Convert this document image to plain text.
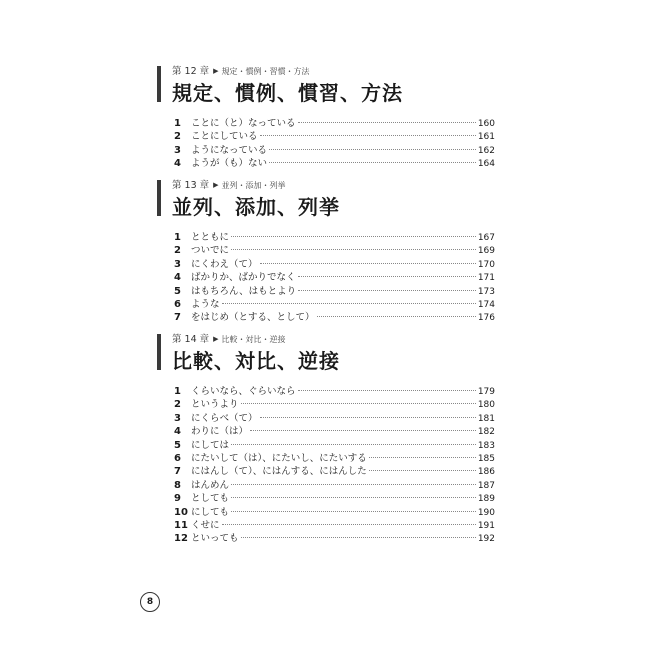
第 12 章 ▶ 規定・慣例・習慣・方法
規定、慣例、慣習、方法
1	ことに（と）なっている	160
2	ことにしている	161
3	ようになっている	162
4	ようが（も）ない	164
第 13 章 ▶ 並列・添加・列挙
並列、添加、列挙
1	とともに	167
2	ついでに	169
3	にくわえ（て）	170
4	ばかりか、ばかりでなく	171
5	はもちろん、はもとより	173
6	ような	174
7	をはじめ（とする、として）	176
第 14 章 ▶ 比較・対比・逆接
比較、対比、逆接
1	くらいなら、ぐらいなら	179
2	というより	180
3	にくらべ（て）	181
4	わりに（は）	182
5	にしては	183
6	にたいして（は）、にたいし、にたいする	185
7	にはんし（て）、にはんする、にはんした	186
8	はんめん	187
9	としても	189
10 にしても	190
11 くせに	191
12 といっても	192
8
